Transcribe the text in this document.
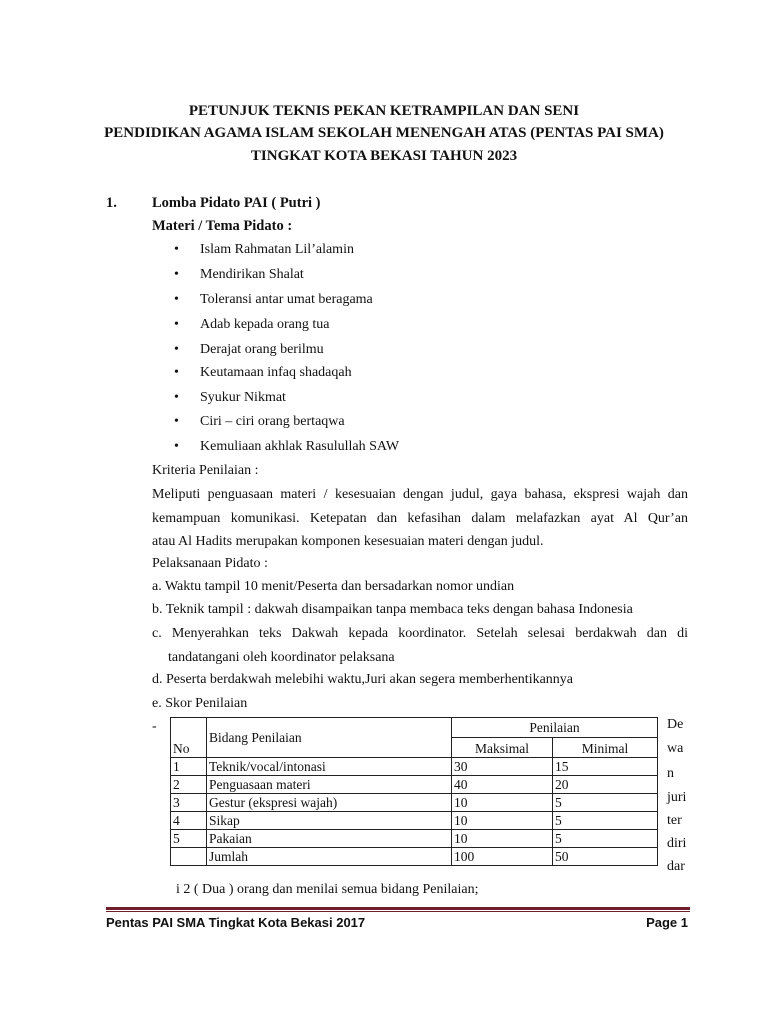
PETUNJUK TEKNIS PEKAN KETRAMPILAN DAN SENI
PENDIDIKAN AGAMA ISLAM SEKOLAH MENENGAH ATAS (PENTAS PAI SMA)
TINGKAT KOTA BEKASI TAHUN 2023
1. Lomba Pidato PAI ( Putri )
Materi / Tema Pidato :
• Islam Rahmatan Lil’alamin
• Mendirikan Shalat
• Toleransi antar umat beragama
• Adab kepada orang tua
• Derajat orang berilmu
• Keutamaan infaq shadaqah
• Syukur Nikmat
• Ciri – ciri orang bertaqwa
• Kemuliaan akhlak Rasulullah SAW
Kriteria Penilaian :
Meliputi penguasaan materi / kesesuaian dengan judul, gaya bahasa, ekspresi wajah dan
kemampuan komunikasi. Ketepatan dan kefasihan dalam melafazkan ayat Al Qur’an
atau Al Hadits merupakan komponen kesesuaian materi dengan judul.
Pelaksanaan Pidato :
a. Waktu tampil 10 menit/Peserta dan bersadarkan nomor undian
b. Teknik tampil : dakwah disampaikan tanpa membaca teks dengan bahasa Indonesia
c. Menyerahkan teks Dakwah kepada koordinator. Setelah selesai berdakwah dan di
tandatangani oleh koordinator pelaksana
d. Peserta berdakwah melebihi waktu,Juri akan segera memberhentikannya
e. Skor Penilaian
-
No	Bidang Penilaian	Penilaian	
		Maksimal	Minimal
1	Teknik/vocal/intonasi	30	15
2	Penguasaan materi	40	20
3	Gestur (ekspresi wajah)	10	5
4	Sikap	10	5
5	Pakaian	10	5
	Jumlah	100	50
De
wa
n
juri
ter
diri
dar
i 2 ( Dua ) orang dan menilai semua bidang Penilaian;
Pentas PAI SMA Tingkat Kota Bekasi 2017	Page 1
